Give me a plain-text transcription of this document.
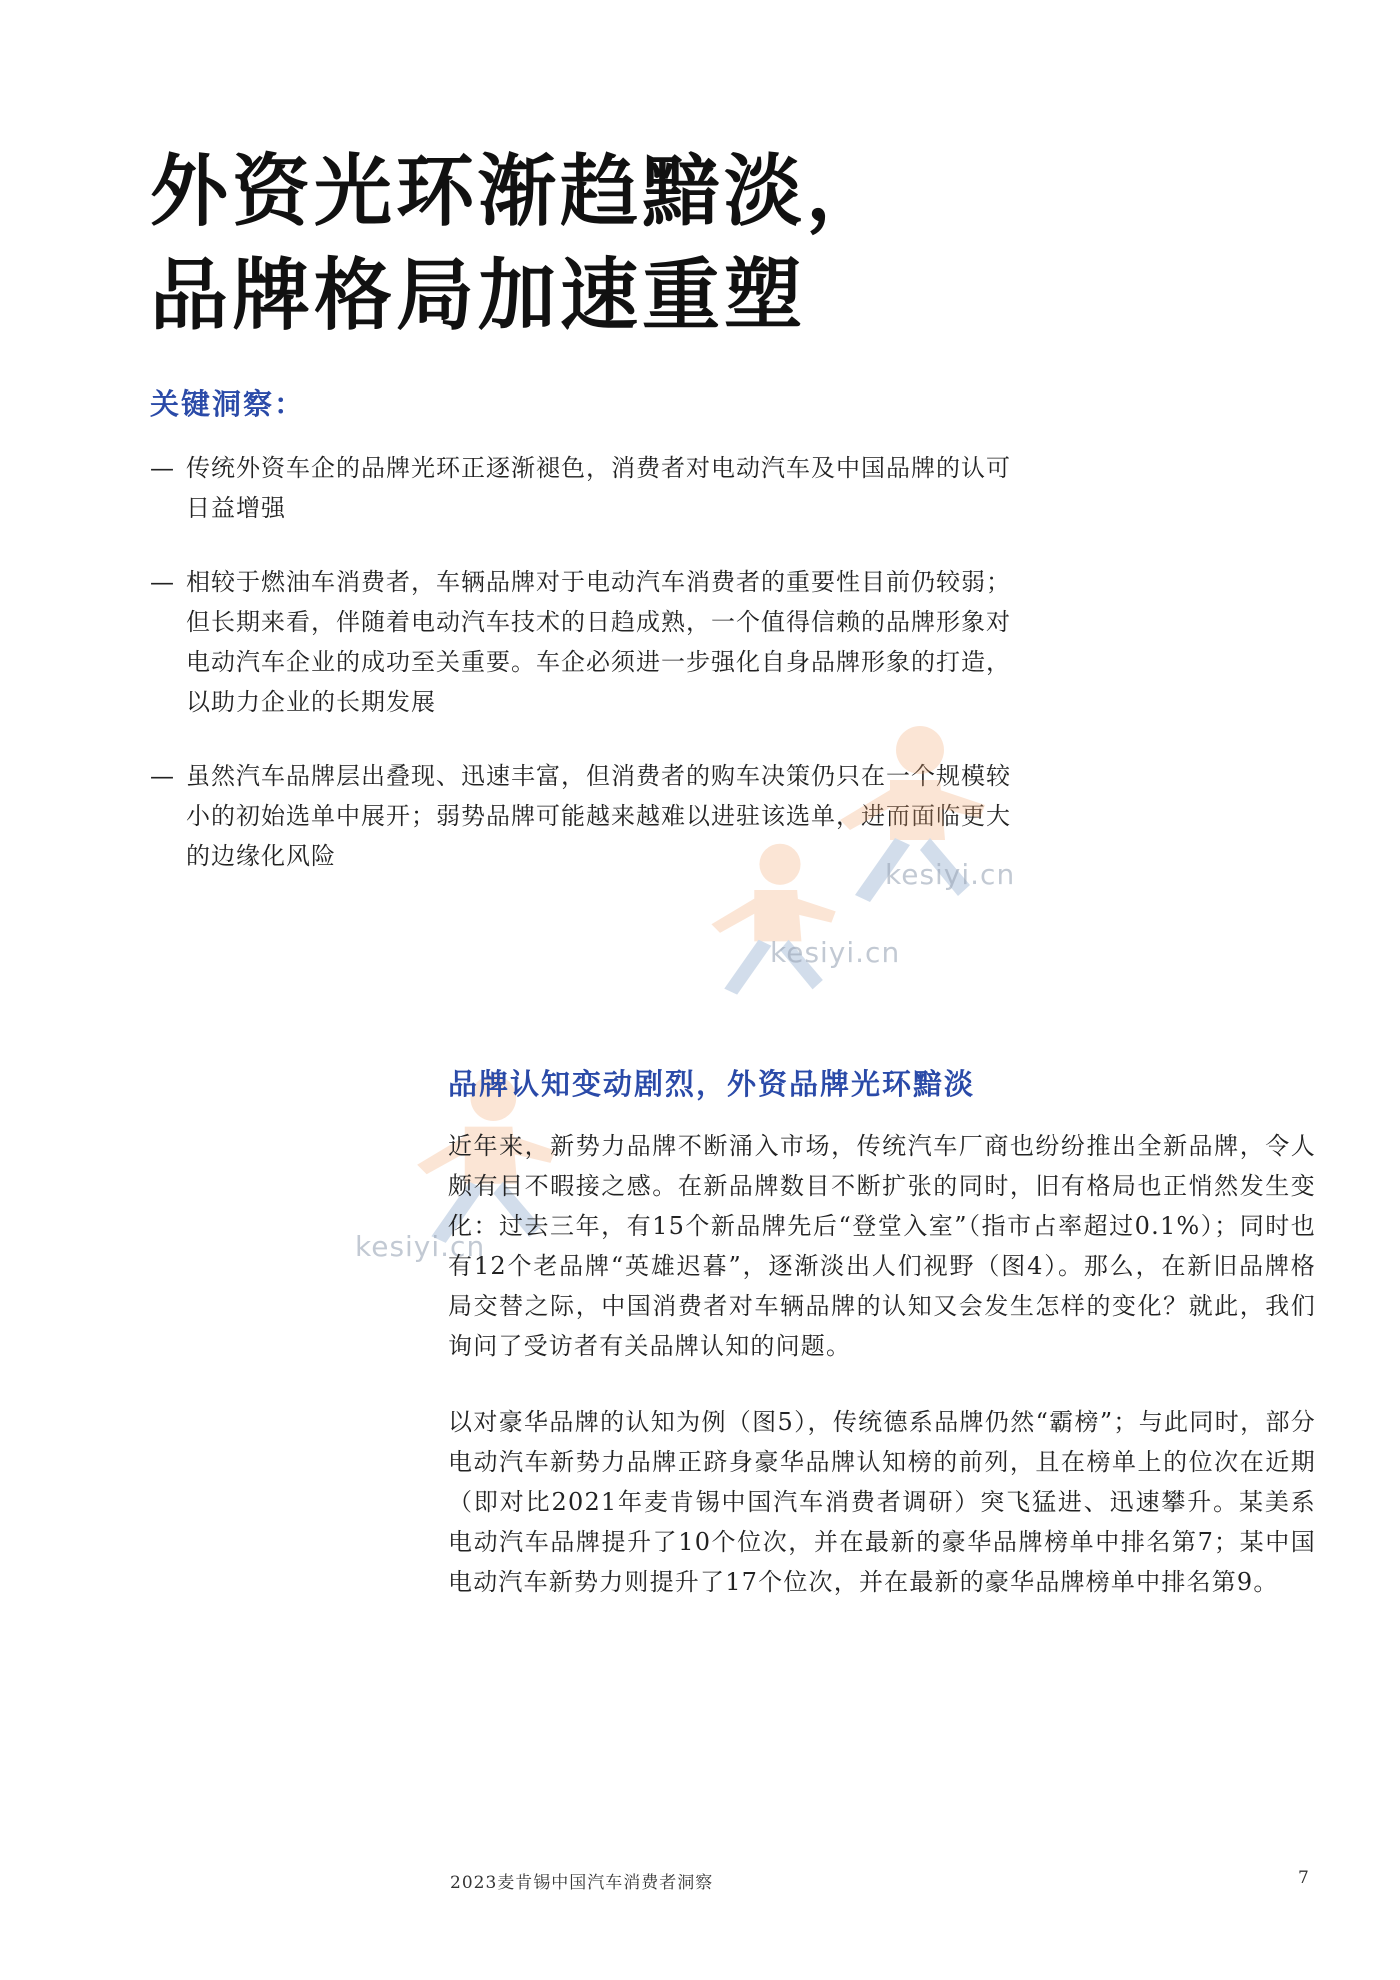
外资光环渐趋黯淡，
品牌格局加速重塑
关键洞察：
— 传统外资车企的品牌光环正逐渐褪色，消费者对电动汽车及中国品牌的认可日益增强
— 相较于燃油车消费者，车辆品牌对于电动汽车消费者的重要性目前仍较弱；但长期来看，伴随着电动汽车技术的日趋成熟，一个值得信赖的品牌形象对电动汽车企业的成功至关重要。车企必须进一步强化自身品牌形象的打造，以助力企业的长期发展
— 虽然汽车品牌层出叠现、迅速丰富，但消费者的购车决策仍只在一个规模较小的初始选单中展开；弱势品牌可能越来越难以进驻该选单，进而面临更大的边缘化风险
kesiyi.cn
kesiyi.cn
kesiyi.cn
品牌认知变动剧烈，外资品牌光环黯淡

近年来，新势力品牌不断涌入市场，传统汽车厂商也纷纷推出全新品牌，令人颇有目不暇接之感。在新品牌数目不断扩张的同时，旧有格局也正悄然发生变化：过去三年，有15个新品牌先后“登堂入室”（指市占率超过0.1%）；同时也有12个老品牌“英雄迟暮”，逐渐淡出人们视野（图4）。那么，在新旧品牌格局交替之际，中国消费者对车辆品牌的认知又会发生怎样的变化？就此，我们询问了受访者有关品牌认知的问题。

以对豪华品牌的认知为例（图5），传统德系品牌仍然“霸榜”；与此同时，部分电动汽车新势力品牌正跻身豪华品牌认知榜的前列，且在榜单上的位次在近期（即对比2021年麦肯锡中国汽车消费者调研）突飞猛进、迅速攀升。某美系电动汽车品牌提升了10个位次，并在最新的豪华品牌榜单中排名第7；某中国电动汽车新势力则提升了17个位次，并在最新的豪华品牌榜单中排名第9。

2023麦肯锡中国汽车消费者洞察	7
